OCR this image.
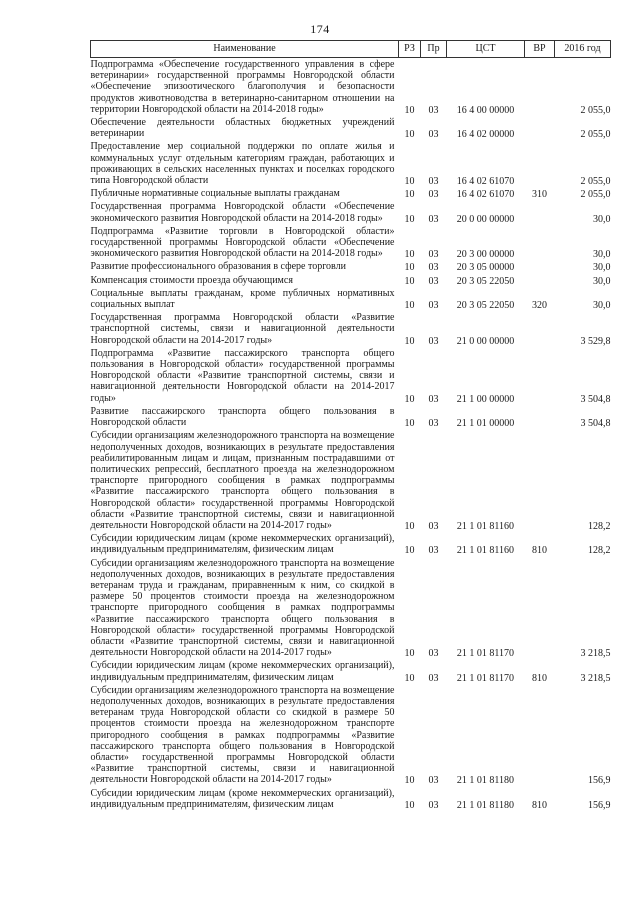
174
Наименование	РЗ	Пр	ЦСТ	ВР	2016 год
Подпрограмма «Обеспечение государственного управления в сфере ветеринарии» государственной программы Новгородской области «Обеспечение эпизоотического благополучия и безопасности продуктов животноводства в ветеринарно-санитарном отношении на территории Новгородской области на 2014-2018 годы»	10	03	16 4 00 00000		2 055,0
Обеспечение деятельности областных бюджетных учреждений ветеринарии	10	03	16 4 02 00000		2 055,0
Предоставление мер социальной поддержки по оплате жилья и коммунальных услуг отдельным категориям граждан, работающих и проживающих в сельских населенных пунктах и поселках городского типа Новгородской области	10	03	16 4 02 61070		2 055,0
Публичные нормативные социальные выплаты гражданам	10	03	16 4 02 61070	310	2 055,0
Государственная программа Новгородской области «Обеспечение экономического развития Новгородской области на 2014-2018 годы»	10	03	20 0 00 00000		30,0
Подпрограмма «Развитие торговли в Новгородской области» государственной программы Новгородской области «Обеспечение экономического развития Новгородской области на 2014-2018 годы»	10	03	20 3 00 00000		30,0
Развитие профессионального образования в сфере торговли	10	03	20 3 05 00000		30,0
Компенсация стоимости проезда обучающимся	10	03	20 3 05 22050		30,0
Социальные выплаты гражданам, кроме публичных нормативных социальных выплат	10	03	20 3 05 22050	320	30,0
Государственная программа Новгородской области «Развитие транспортной системы, связи и навигационной деятельности Новгородской области на 2014-2017 годы»	10	03	21 0 00 00000		3 529,8
Подпрограмма «Развитие пассажирского транспорта общего пользования в Новгородской области» государственной программы Новгородской области «Развитие транспортной системы, связи и навигационной деятельности Новгородской области на 2014-2017 годы»	10	03	21 1 00 00000		3 504,8
Развитие пассажирского транспорта общего пользования в Новгородской области	10	03	21 1 01 00000		3 504,8
Субсидии организациям железнодорожного транспорта на возмещение недополученных доходов, возникающих в результате предоставления реабилитированным лицам и лицам, признанным пострадавшими от политических репрессий, бесплатного проезда на железнодорожном транспорте пригородного сообщения в рамках подпрограммы «Развитие пассажирского транспорта общего пользования в Новгородской области» государственной программы Новгородской области «Развитие транспортной системы, связи и навигационной деятельности Новгородской области на 2014-2017 годы»	10	03	21 1 01 81160		128,2
Субсидии юридическим лицам (кроме некоммерческих организаций), индивидуальным предпринимателям, физическим лицам	10	03	21 1 01 81160	810	128,2
Субсидии организациям железнодорожного транспорта на возмещение недополученных доходов, возникающих в результате предоставления ветеранам труда и гражданам, приравненным к ним, со скидкой в размере 50 процентов стоимости проезда на железнодорожном транспорте пригородного сообщения в рамках подпрограммы «Развитие пассажирского транспорта общего пользования в Новгородской области» государственной программы Новгородской области «Развитие транспортной системы, связи и навигационной деятельности Новгородской области на 2014-2017 годы»	10	03	21 1 01 81170		3 218,5
Субсидии юридическим лицам (кроме некоммерческих организаций), индивидуальным предпринимателям, физическим лицам	10	03	21 1 01 81170	810	3 218,5
Субсидии организациям железнодорожного транспорта на возмещение недополученных доходов, возникающих в результате предоставления ветеранам труда Новгородской области со скидкой в размере 50 процентов стоимости проезда на железнодорожном транспорте пригородного сообщения в рамках подпрограммы «Развитие пассажирского транспорта общего пользования в Новгородской области» государственной программы Новгородской области «Развитие транспортной системы, связи и навигационной деятельности Новгородской области на 2014-2017 годы»	10	03	21 1 01 81180		156,9
Субсидии юридическим лицам (кроме некоммерческих организаций), индивидуальным предпринимателям, физическим лицам	10	03	21 1 01 81180	810	156,9
